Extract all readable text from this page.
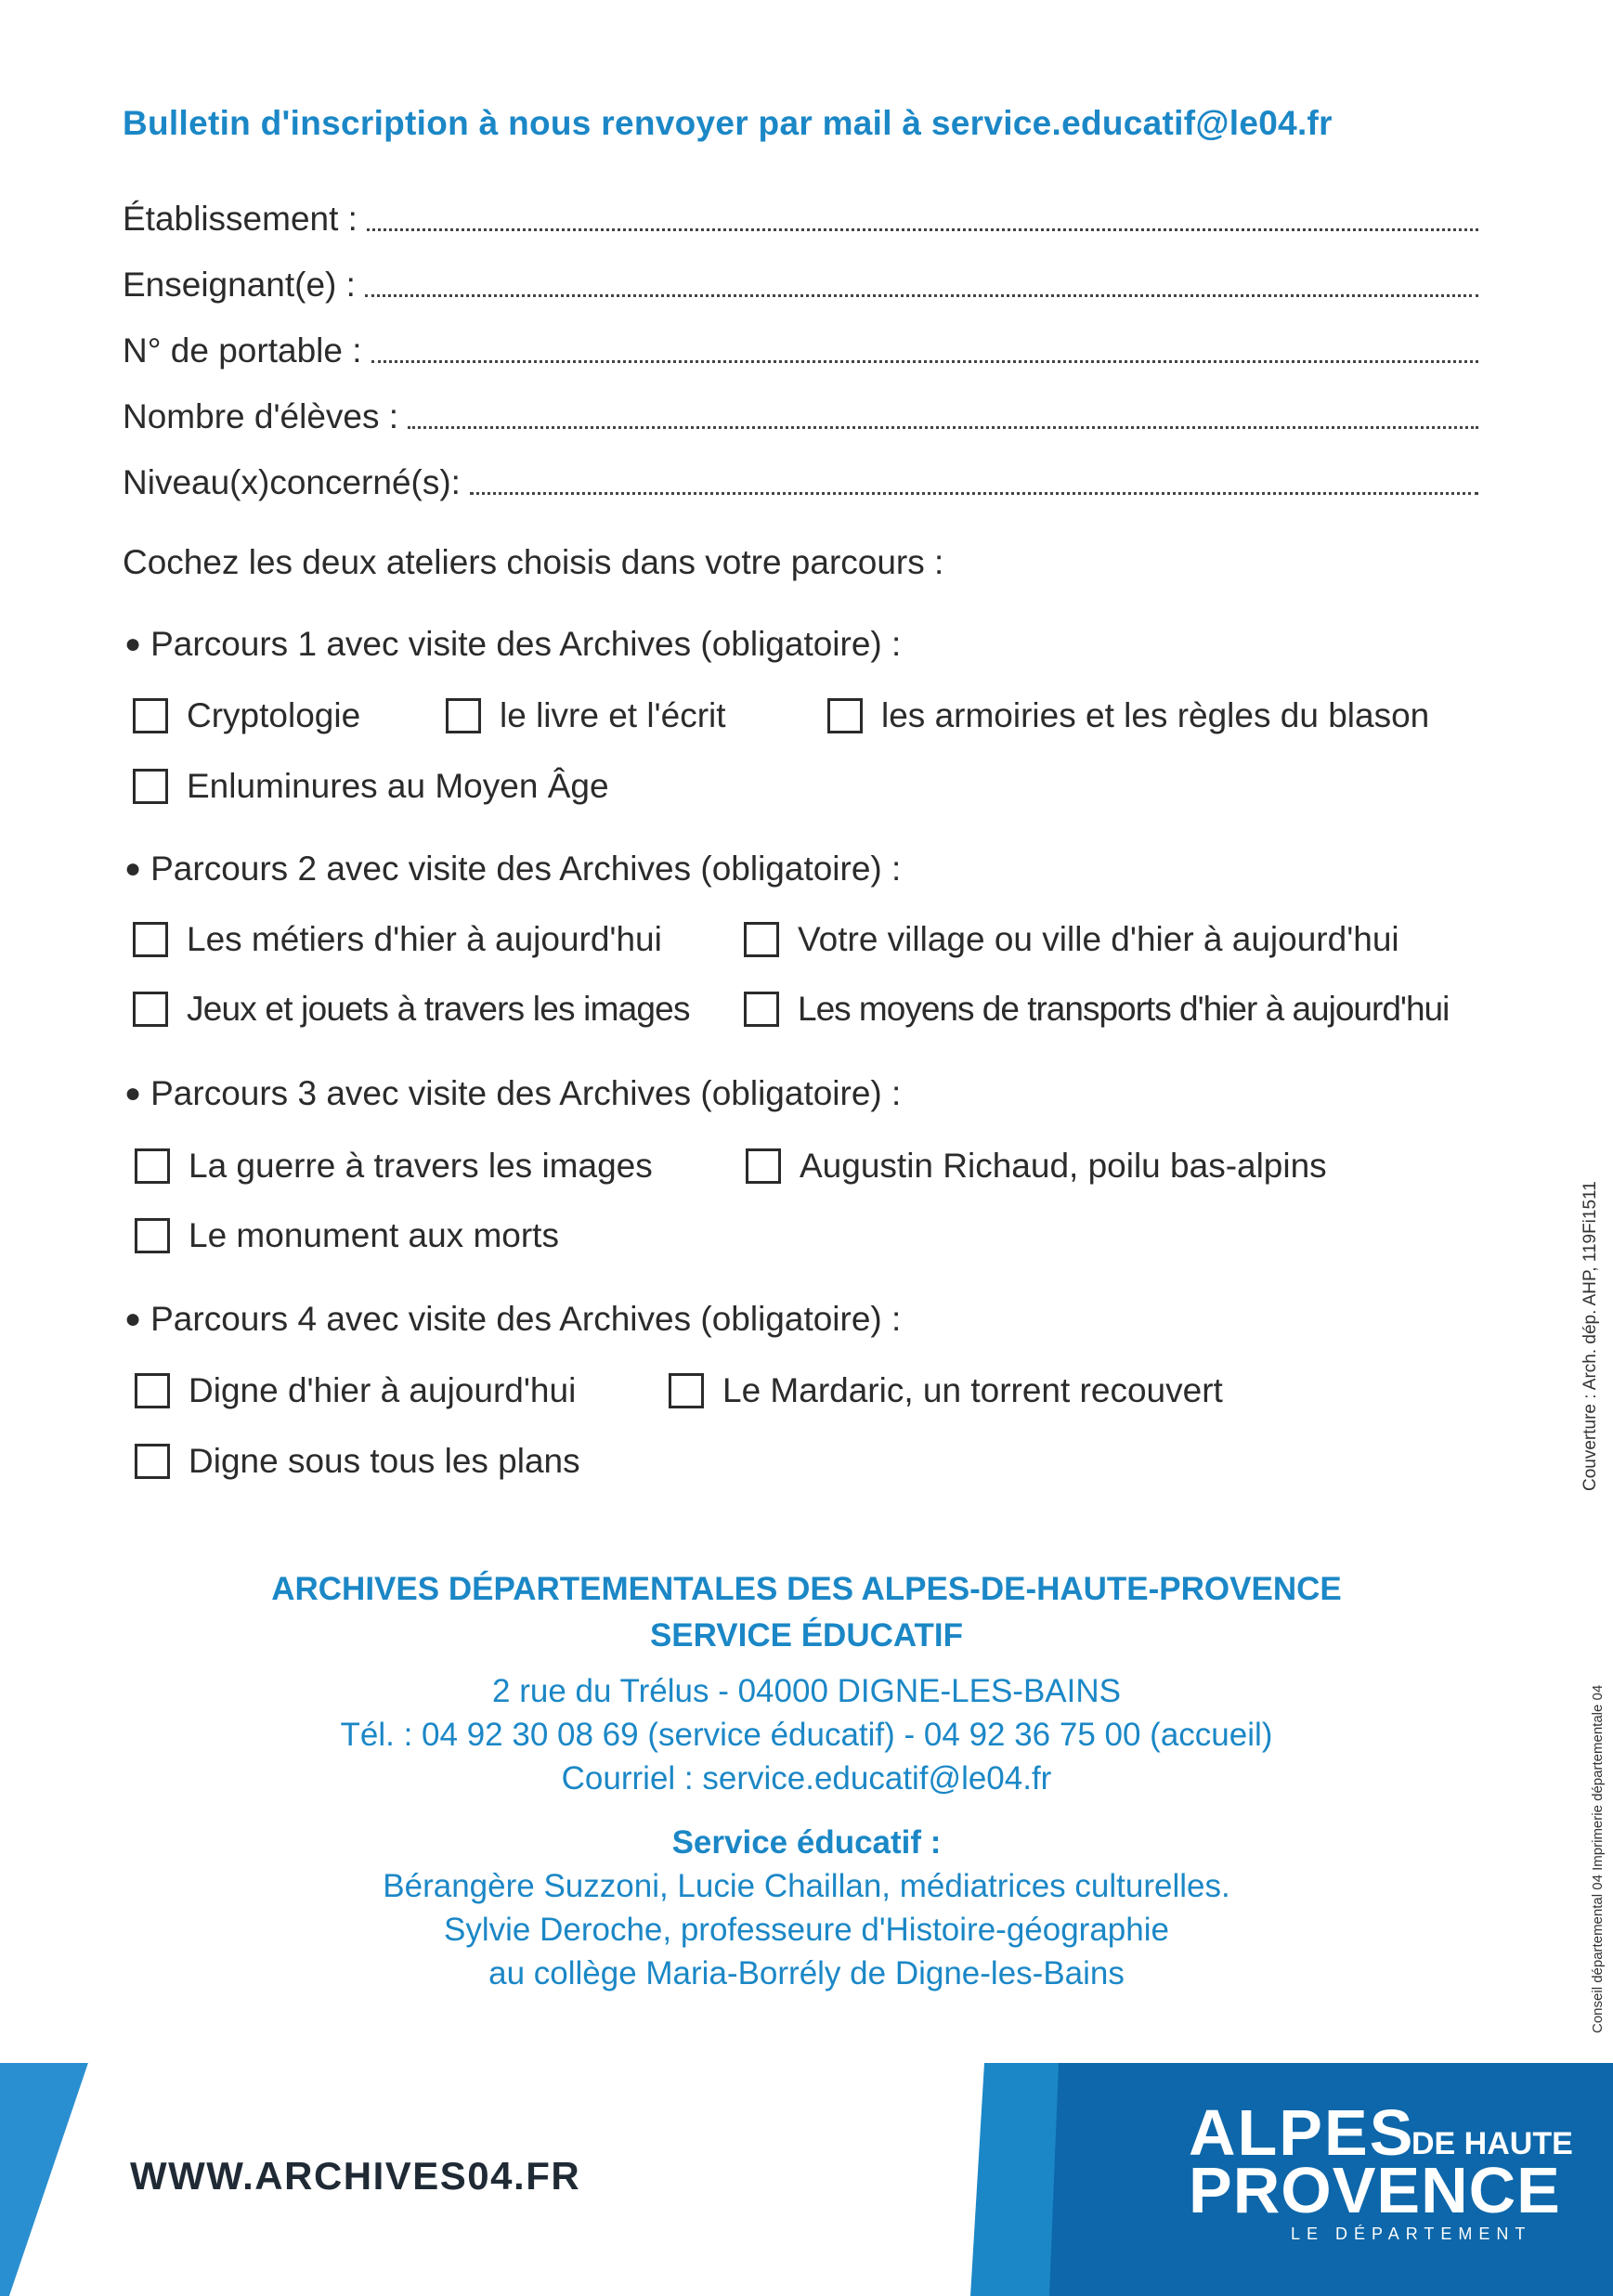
Bulletin d'inscription à nous renvoyer par mail à service.educatif@le04.fr
Établissement :
Enseignant(e) :
N° de portable :
Nombre d'élèves :
Niveau(x)concerné(s):
Cochez les deux ateliers choisis dans votre parcours :
● Parcours 1 avec visite des Archives (obligatoire) :
Cryptologie	le livre et l'écrit	les armoiries et les règles du blason
Enluminures au Moyen Âge
● Parcours 2 avec visite des Archives (obligatoire) :
Les métiers d'hier à aujourd'hui	Votre village ou ville d'hier à aujourd'hui
Jeux et jouets à travers les images	Les moyens de transports d'hier à aujourd'hui
● Parcours 3 avec visite des Archives (obligatoire) :
La guerre à travers les images	Augustin Richaud, poilu bas-alpins
Le monument aux morts
● Parcours 4 avec visite des Archives (obligatoire) :
Digne d'hier à aujourd'hui	Le Mardaric, un torrent recouvert
Digne sous tous les plans
ARCHIVES DÉPARTEMENTALES DES ALPES-DE-HAUTE-PROVENCE
SERVICE ÉDUCATIF
2 rue du Trélus - 04000 DIGNE-LES-BAINS
Tél. : 04 92 30 08 69 (service éducatif) - 04 92 36 75 00 (accueil)
Courriel : service.educatif@le04.fr
Service éducatif :
Bérangère Suzzoni, Lucie Chaillan, médiatrices culturelles.
Sylvie Deroche, professeure d'Histoire-géographie
au collège Maria-Borrély de Digne-les-Bains
Couverture : Arch. dép. AHP, 119Fi1511
Conseil départemental 04 Imprimerie départementale 04
WWW.ARCHIVES04.FR
ALPES
DE HAUTE
PROVENCE
LE DÉPARTEMENT
